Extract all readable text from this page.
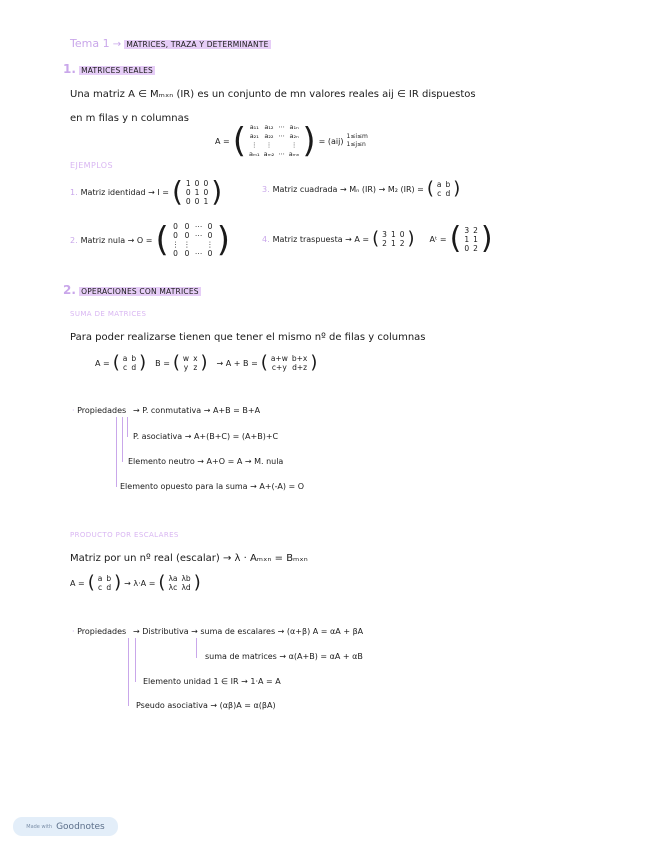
Tema 1 → MATRICES, TRAZA Y DETERMINANTE
1. MATRICES REALES
Una matriz A ∈ Mₘₓₙ (IR) es un conjunto de mn valores reales aij ∈ IR dispuestos
en m filas y n columnas
A = ( a₁₁	a₁₂	⋯	a₁ₙ
a₂₁	a₂₂	⋯	a₂ₙ
⋮	⋮		⋮
aₘ₁	aₘ₂	⋯	aₘₙ ) = (aij) 1≤i≤m
1≤j≤n
EJEMPLOS
1. Matriz identidad → I = ( 1	0	0
0	1	0
0	0	1 )	3. Matriz cuadrada → Mₙ (IR) → M₂ (IR) = ( a	b
c	d )
2. Matriz nula → O = ( 0	0	⋯	0
0	0	⋯	0
⋮	⋮		⋮
0	0	⋯	0 )	4. Matriz traspuesta → A = ( 3	1	0
2	1	2 ) Aᵗ = ( 3	2
1	1
0	2 )
2. OPERACIONES CON MATRICES
SUMA DE MATRICES
Para poder realizarse tienen que tener el mismo nº de filas y columnas
A = ( a	b
c	d ) B = ( w	x
y	z ) → A + B = ( a+w	b+x
c+y	d+z )
· Propiedades → P. conmutativa → A+B = B+A
P. asociativa → A+(B+C) = (A+B)+C
Elemento neutro → A+O = A → M. nula
Elemento opuesto para la suma → A+(-A) = O
PRODUCTO POR ESCALARES
Matriz por un nº real (escalar) → λ · Aₘₓₙ = Bₘₓₙ
A = ( a	b
c	d ) → λ·A = ( λa	λb
λc	λd )
· Propiedades → Distributiva → suma de escalares → (α+β) A = αA + βA
suma de matrices → α(A+B) = αA + αB
Elemento unidad 1 ∈ IR → 1·A = A
Pseudo asociativa → (αβ)A = α(βA)
Made with Goodnotes
